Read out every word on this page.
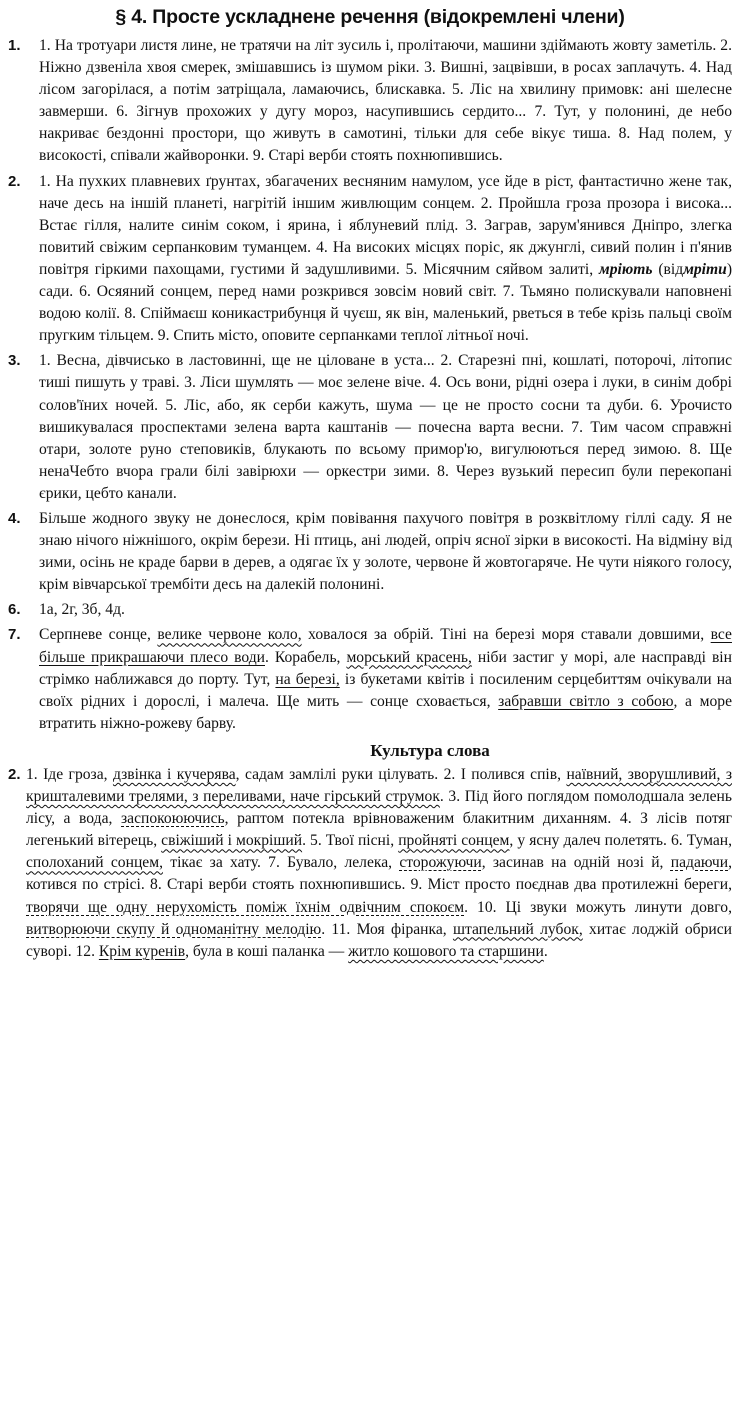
§ 4. Просте ускладнене речення (відокремлені члени)
1.	1. На тротуари листя лине, не тратячи на літ зусиль і, пролітаючи, машини здіймають жовту заметіль. 2. Ніжно дзвеніла хвоя смерек, змішавшись із шумом ріки. 3. Вишні, зацвівши, в росах заплачуть. 4. Над лісом загорілася, а потім затріщала, ламаючись, блискавка. 5. Ліс на хвилину примовк: ані шелесне завмерши. 6. Зігнув прохожих у дугу мороз, насупившись сердито... 7. Тут, у полонині, де небо накриває бездонні простори, що живуть в самотині, тільки для себе вікує тиша. 8. Над полем, у високості, співали жайворонки. 9. Старі верби стоять похнюпившись.
2.	1. На пухких плавневих ґрунтах, збагачених весняним намулом, усе йде в ріст, фантастично жене так, наче десь на іншій планеті, нагрітій іншим живлющим сонцем. 2. Пройшла гроза прозора і висока... Встає гілля, налите синім соком, і ярина, і яблуневий плід. 3. Заграв, зарум'янився Дніпро, злегка повитий свіжим серпанковим туманцем. 4. На високих місцях поріс, як джунглі, сивий полин і п'янив повітря гіркими пахощами, густими й задушливими. 5. Місячним сяйвом залиті, мріють (відмріти) сади. 6. Осяяний сонцем, перед нами розкрився зовсім новий світ. 7. Тьмяно полискували наповнені водою колії. 8. Спіймаєш коникастрибунця й чуєш, як він, маленький, рветься в тебе крізь пальці своїм пругким тільцем. 9. Спить місто, оповите серпанками теплої літньої ночі.
3.	1. Весна, дівчисько в ластовинні, ще не цiловане в уста... 2. Старезні пні, кошлаті, поторочі, літопис тиші пишуть у траві. 3. Ліси шумлять — моє зелене віче. 4. Ось вони, рідні озера і луки, в синім добрі солов'їних ночей. 5. Ліс, або, як серби кажуть, шума — це не просто сосни та дуби. 6. Урочисто вишикувалася проспектами зелена варта каштанів — почесна варта весни. 7. Тим часом справжні отари, золоте руно степовиків, блукають по всьому примор'ю, вигулюються перед зимою. 8. Ще ненаЧебто вчора грали білі завірюхи — оркестри зими. 8. Через вузький пересип були перекопані єрики, цебто канали.
4.	Більше жодного звуку не донеслося, крім повівання пахучого повітря в розквітлому гіллі саду. Я не знаю нічого ніжнішого, окрім берези. Ні птиць, ані людей, опріч ясної зірки в високості. На відміну від зими, осінь не краде барви в дерев, а одягає їх у золоте, червоне й жовтогаряче. Не чути ніякого голосу, крім вівчарської трембіти десь на далекій полонині.
6.	1а, 2г, 3б, 4д.
7.	Серпневе сонце, велике червоне коло, ховалося за обрій. Тіні на березі моря ставали довшими, все більше прикрашаючи плесо води. Корабель, морський красень, ніби застиг у морі, але насправді він стрімко наближався до порту. Тут, на березі, із букетами квітів і посиленим серцебиттям очікували на своїх рідних і дорослі, і малеча. Ще мить — сонце сховається, забравши світло з собою, а море втратить ніжно-рожеву барву.
Культура слова
2. 1. Іде гроза, дзвінка і кучерява, садам замлілі руки цілувать. 2. І полився спів, наївний, зворушливий, з кришталевими трелями, з переливами, наче гірський струмок. 3. Під його поглядом помолодшала зелень лісу, а вода, заспокоюючись, раптом потекла врівноваженим блакитним диханням. 4. З лісів потяг легенький вітерець, свіжіший і мокріший. 5. Твої пісні, пройняті сонцем, у ясну далеч полетять. 6. Туман, сполоханий сонцем, тікає за хату. 7. Бувало, лелека, сторожуючи, засинав на одній нозі й, падаючи, котився по стрісі. 8. Старі верби стоять похнюпившись. 9. Міст просто поєднав два протилежні береги, творячи ще одну нерухомість поміж їхнім одвічним спокоєм. 10. Ці звуки можуть линути довго, витворюючи скупу й одноманітну мелодію. 11. Моя фіранка, штапельний лубок, хитає лоджій обриси суворі. 12. Крім куренів, була в коші паланка — житло кошового та старшини.
